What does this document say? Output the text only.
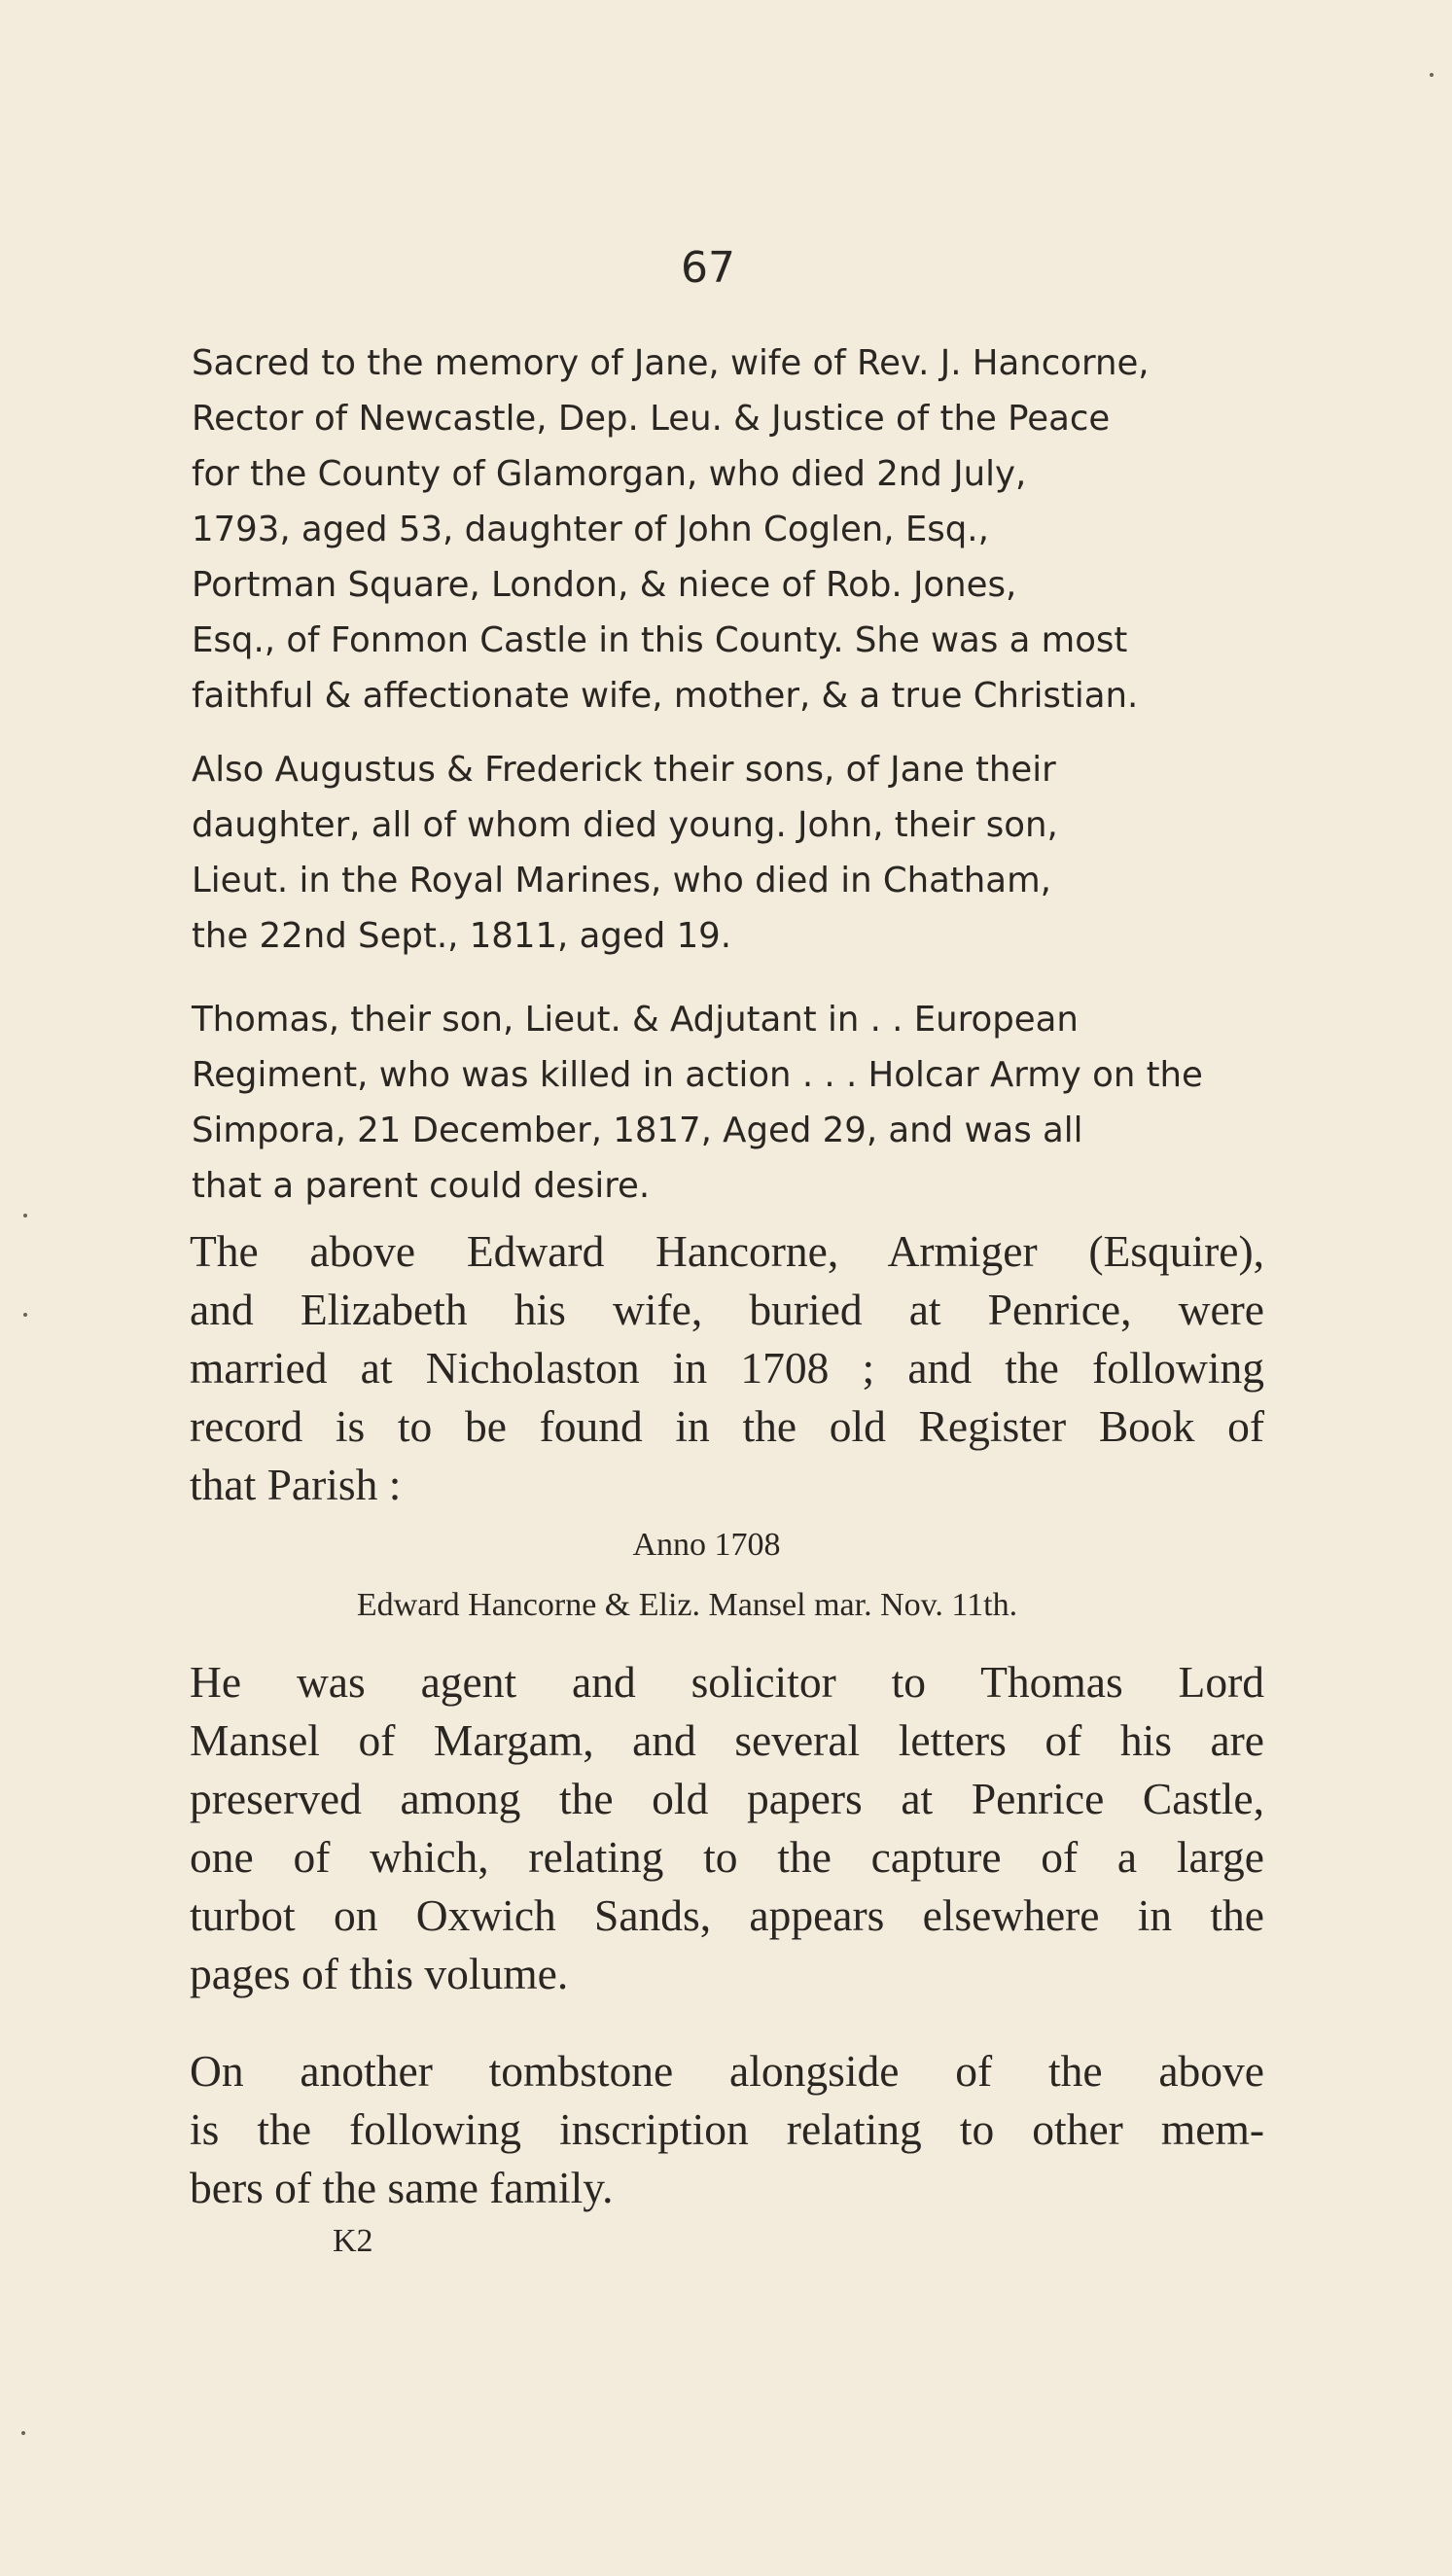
67
Sacred to the memory of Jane, wife of Rev. J. Hancorne,
Rector of Newcastle, Dep. Leu. & Justice of the Peace
for the County of Glamorgan, who died 2nd July,
1793, aged 53, daughter of John Coglen, Esq.,
Portman Square, London, & niece of Rob. Jones,
Esq., of Fonmon Castle in this County. She was a most
faithful & affectionate wife, mother, & a true Christian.
Also Augustus & Frederick their sons, of Jane their
daughter, all of whom died young. John, their son,
Lieut. in the Royal Marines, who died in Chatham,
the 22nd Sept., 1811, aged 19.
Thomas, their son, Lieut. & Adjutant in . . European
Regiment, who was killed in action . . . Holcar Army on the
Simpora, 21 December, 1817, Aged 29, and was all
that a parent could desire.
The above Edward Hancorne, Armiger (Esquire),
and Elizabeth his wife, buried at Penrice, were
married at Nicholaston in 1708 ; and the following
record is to be found in the old Register Book of
that Parish :
Anno 1708
Edward Hancorne & Eliz. Mansel mar. Nov. 11th.
He was agent and solicitor to Thomas Lord
Mansel of Margam, and several letters of his are
preserved among the old papers at Penrice Castle,
one of which, relating to the capture of a large
turbot on Oxwich Sands, appears elsewhere in the
pages of this volume.
On another tombstone alongside of the above
is the following inscription relating to other mem-
bers of the same family.
K2
